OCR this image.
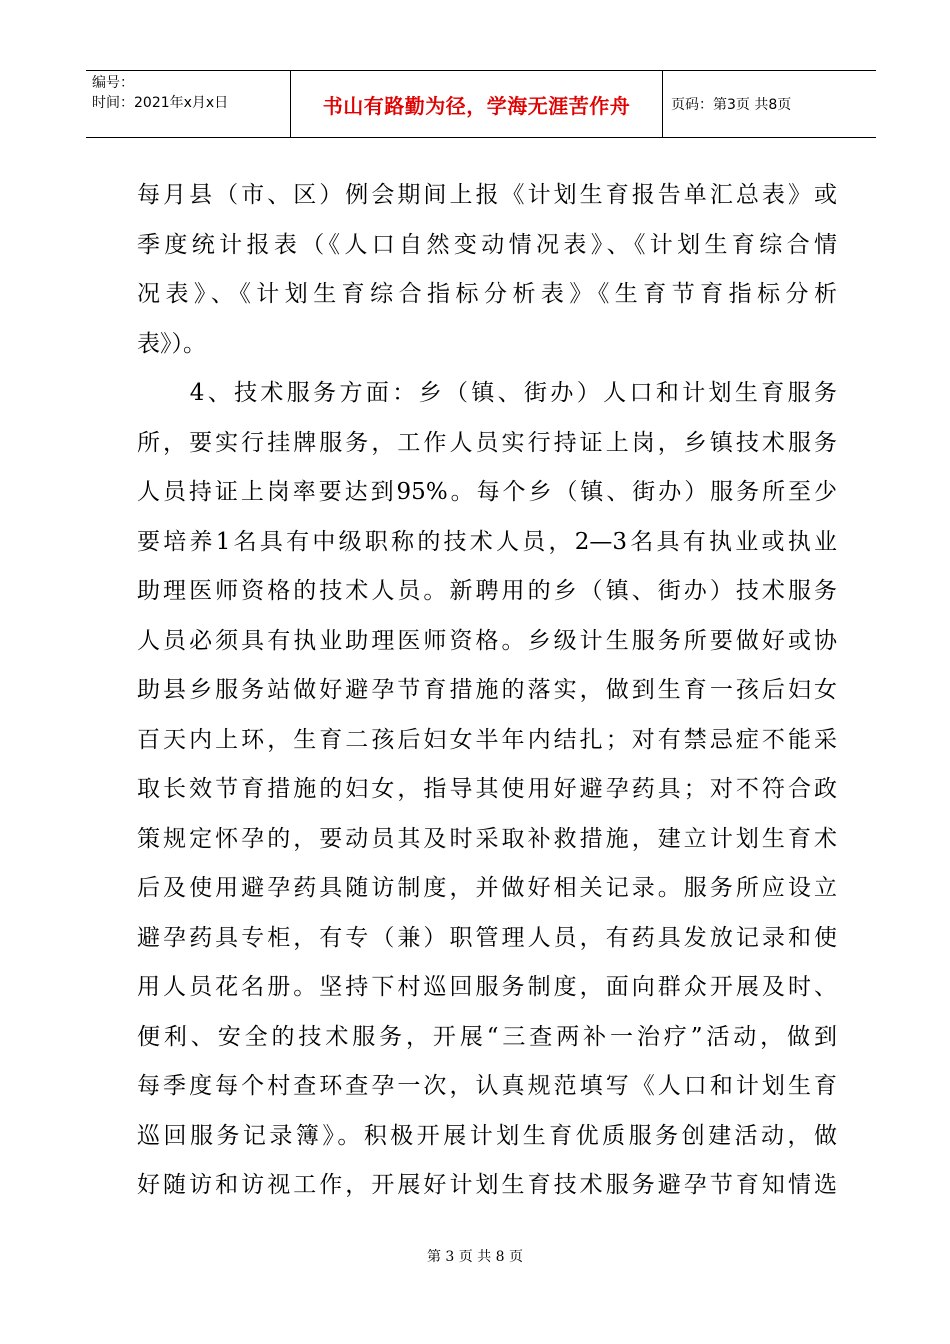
编号：
时间：2021年x月x日	书山有路勤为径，学海无涯苦作舟	页码：第3页 共8页
每月县（市、区）例会期间上报《计划生育报告单汇总表》或
季度统计报表（《人口自然变动情况表》、《计划生育综合情
况表》、《计划生育综合指标分析表》《生育节育指标分析
表》）。
　　4、技术服务方面：乡（镇、街办）人口和计划生育服务
所，要实行挂牌服务，工作人员实行持证上岗，乡镇技术服务
人员持证上岗率要达到95%。每个乡（镇、街办）服务所至少
要培养1名具有中级职称的技术人员，2—3名具有执业或执业
助理医师资格的技术人员。新聘用的乡（镇、街办）技术服务
人员必须具有执业助理医师资格。乡级计生服务所要做好或协
助县乡服务站做好避孕节育措施的落实，做到生育一孩后妇女
百天内上环，生育二孩后妇女半年内结扎；对有禁忌症不能采
取长效节育措施的妇女，指导其使用好避孕药具；对不符合政
策规定怀孕的，要动员其及时采取补救措施，建立计划生育术
后及使用避孕药具随访制度，并做好相关记录。服务所应设立
避孕药具专柜，有专（兼）职管理人员，有药具发放记录和使
用人员花名册。坚持下村巡回服务制度，面向群众开展及时、
便利、安全的技术服务，开展“三查两补一治疗”活动，做到
每季度每个村查环查孕一次，认真规范填写《人口和计划生育
巡回服务记录簿》。积极开展计划生育优质服务创建活动，做
好随访和访视工作，开展好计划生育技术服务避孕节育知情选
第 3 页 共 8 页
